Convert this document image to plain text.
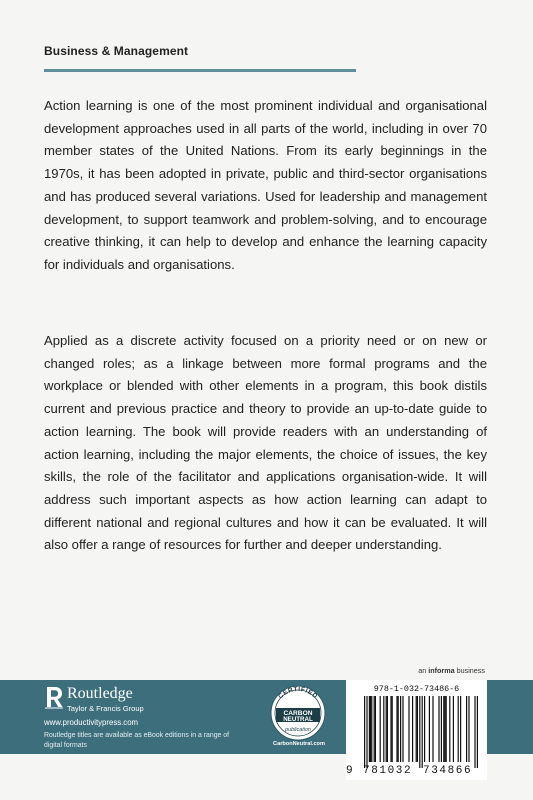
Business & Management

Action learning is one of the most prominent individual and organisational development approaches used in all parts of the world, including in over 70 member states of the United Nations. From its early beginnings in the 1970s, it has been adopted in private, public and third-sector organisations and has produced several variations. Used for leadership and management development, to support teamwork and problem-solving, and to encourage creative thinking, it can help to develop and enhance the learning capacity for individuals and organisations.

Applied as a discrete activity focused on a priority need or on new or changed roles; as a linkage between more formal programs and the workplace or blended with other elements in a program, this book distils current and previous practice and theory to provide an up-to-date guide to action learning. The book will provide readers with an understanding of action learning, including the major elements, the choice of issues, the key skills, the role of the facilitator and applications organisation-wide. It will address such important aspects as how action learning can adapt to different national and regional cultures and how it can be evaluated. It will also offer a range of resources for further and deeper understanding.

an informa business
Routledge
Taylor & Francis Group
www.productivitypress.com
Routledge titles are available as eBook editions in a range of digital formats
CERTIFIED
CARBON
NEUTRAL
publication
CarbonNeutral.com
978-1-032-73486-6
9 781032 734866
